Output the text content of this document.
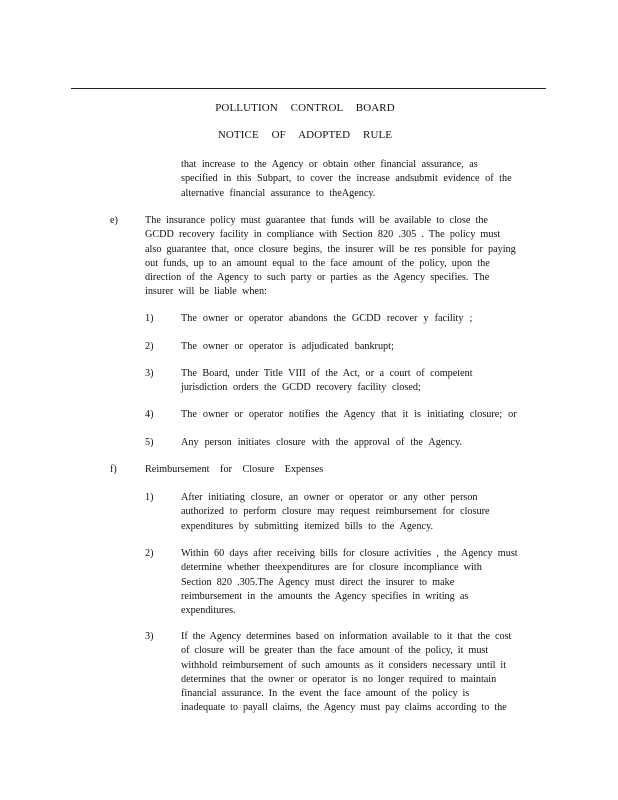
POLLUTION CONTROL BOARD
NOTICE OF ADOPTED RULE
that increase to the Agency or obtain other financial assurance, as
specified in this Subpart, to cover the increase andsubmit evidence of the
alternative financial assurance to theAgency.
e)	The insurance policy must guarantee that funds will be available to close the
GCDD recovery facility in compliance with Section 820 .305 . The policy must
also guarantee that, once closure begins, the insurer will be res ponsible for paying
out funds, up to an amount equal to the face amount of the policy, upon the
direction of the Agency to such party or parties as the Agency specifies. The
insurer will be liable when:
1)	The owner or operator abandons the GCDD recover y facility ;
2)	The owner or operator is adjudicated bankrupt;
3)	The Board, under Title VIII of the Act, or a court of competent
jurisdiction orders the GCDD recovery facility closed;
4)	The owner or operator notifies the Agency that it is initiating closure; or
5)	Any person initiates closure with the approval of the Agency.
f)	Reimbursement for Closure Expenses
1)	After initiating closure, an owner or operator or any other person
authorized to perform closure may request reimbursement for closure
expenditures by submitting itemized bills to the Agency.
2)	Within 60 days after receiving bills for closure activities , the Agency must
determine whether theexpenditures are for closure incompliance with
Section 820 .305.The Agency must direct the insurer to make
reimbursement in the amounts the Agency specifies in writing as
expenditures.
3)	If the Agency determines based on information available to it that the cost
of closure will be greater than the face amount of the policy, it must
withhold reimbursement of such amounts as it considers necessary until it
determines that the owner or operator is no longer required to maintain
financial assurance. In the event the face amount of the policy is
inadequate to payall claims, the Agency must pay claims according to the
